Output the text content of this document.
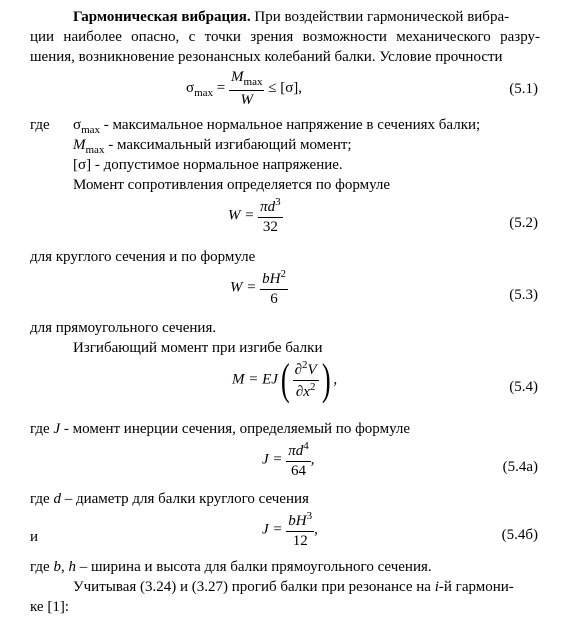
Гармоническая вибрация. При воздействии гармонической вибра-
ции наиболее опасно, с точки зрения возможности механического разру-
шения, возникновение резонансных колебаний балки. Условие прочности
$\sigma_{max} = \frac{M_{max}}{W} \le [\sigma]$,	(5.1)
где $\sigma_{max}$ - максимальное нормальное напряжение в сечениях балки;
$M_{max}$ - максимальный изгибающий момент;
[σ] - допустимое нормальное напряжение.
Момент сопротивления определяется по формуле
$W = \frac{\pi d^3}{32}$	(5.2)
для круглого сечения и по формуле
$W = \frac{bH^2}{6}$	(5.3)
для прямоугольного сечения.
Изгибающий момент при изгибе балки
$M = EJ( \frac{\partial^2V}{\partial x^2}$ ) ,	(5.4)
где J - момент инерции сечения, определяемый по формуле
$J = \frac{\pi d^4}{64}$ ,	(5.4а)
где d – диаметр для балки круглого сечения
и	$J = \frac{bH^3}{12}$ ,	(5.4б)
где b, h – ширина и высота для балки прямоугольного сечения.
Учитывая (3.24) и (3.27) прогиб балки при резонансе на i-й гармони-
ке [1]:
